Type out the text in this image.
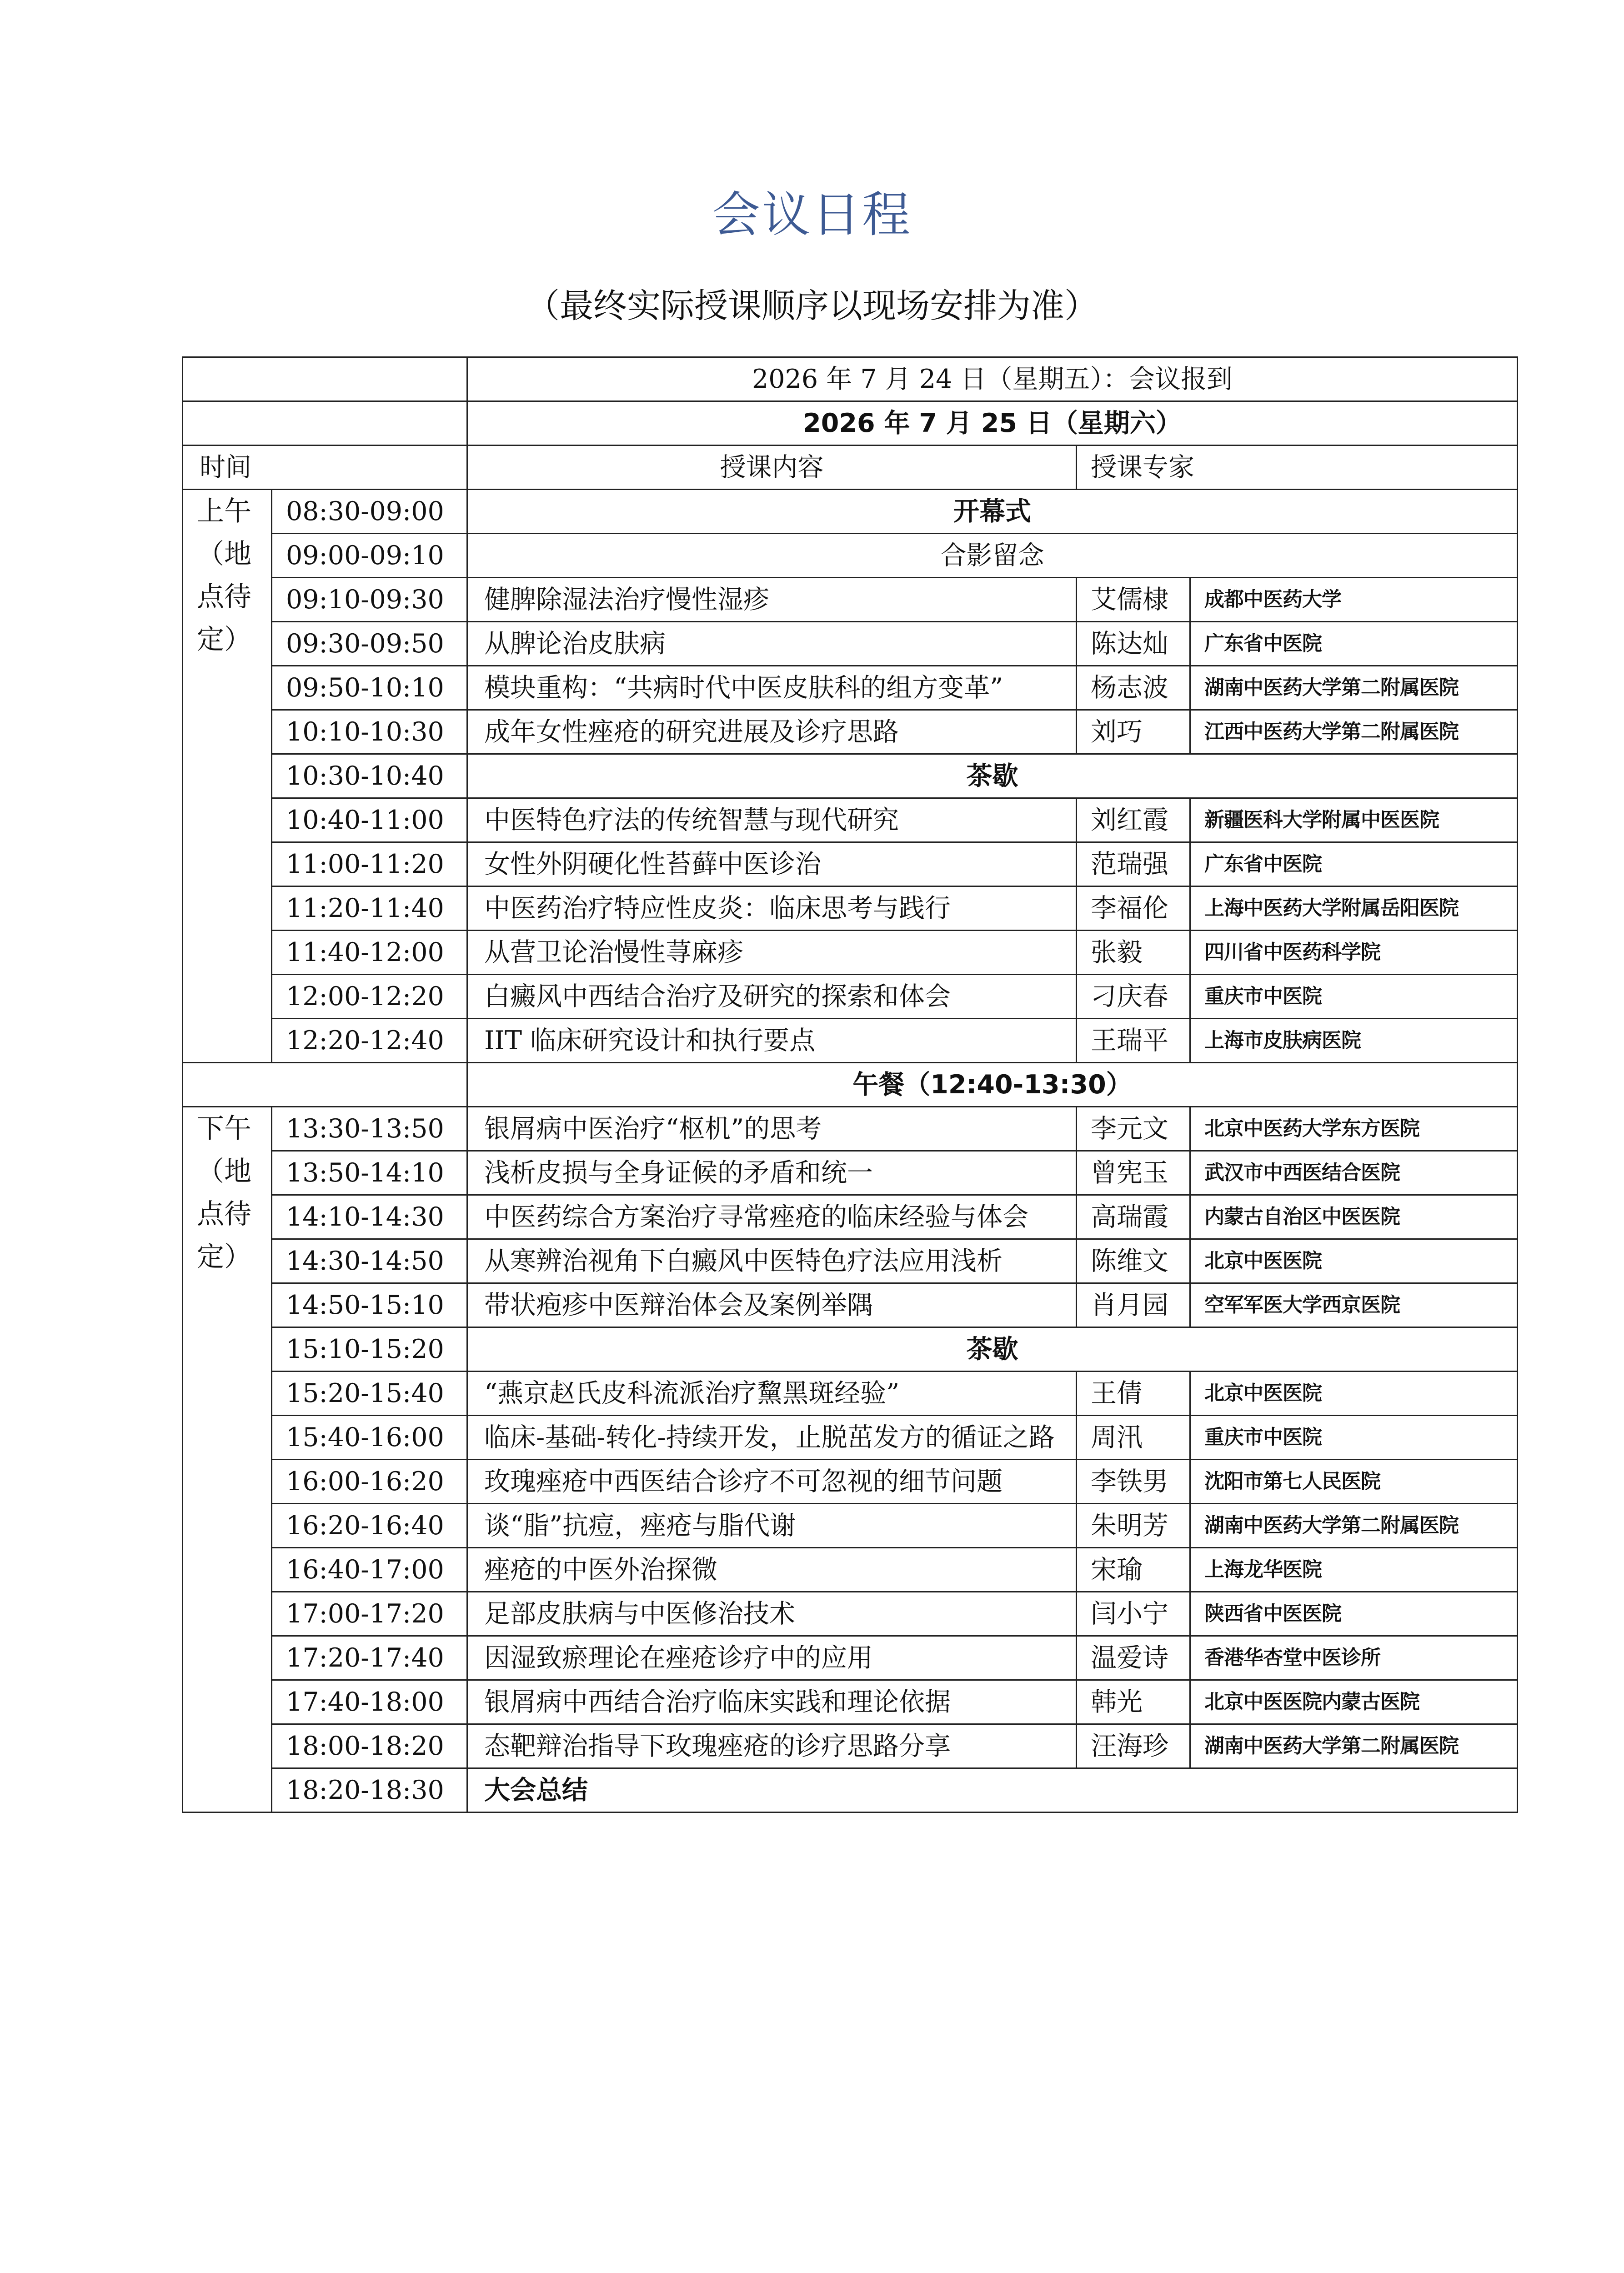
会议日程
（最终实际授课顺序以现场安排为准）
		2026 年 7 月 24 日（星期五）：会议报到		
		2026 年 7 月 25 日（星期六）		
时间		授课内容	授课专家	
上午（地点待定）	08:30-09:00	开幕式		
	09:00-09:10	合影留念		
	09:10-09:30	健脾除湿法治疗慢性湿疹	艾儒棣	成都中医药大学
	09:30-09:50	从脾论治皮肤病	陈达灿	广东省中医院
	09:50-10:10	模块重构：“共病时代中医皮肤科的组方变革”	杨志波	湖南中医药大学第二附属医院
	10:10-10:30	成年女性痤疮的研究进展及诊疗思路	刘巧	江西中医药大学第二附属医院
	10:30-10:40	茶歇		
	10:40-11:00	中医特色疗法的传统智慧与现代研究	刘红霞	新疆医科大学附属中医医院
	11:00-11:20	女性外阴硬化性苔藓中医诊治	范瑞强	广东省中医院
	11:20-11:40	中医药治疗特应性皮炎：临床思考与践行	李福伦	上海中医药大学附属岳阳医院
	11:40-12:00	从营卫论治慢性荨麻疹	张毅	四川省中医药科学院
	12:00-12:20	白癜风中西结合治疗及研究的探索和体会	刁庆春	重庆市中医院
	12:20-12:40	IIT 临床研究设计和执行要点	王瑞平	上海市皮肤病医院
		午餐（12:40-13:30）		
下午（地点待定）	13:30-13:50	银屑病中医治疗“枢机”的思考	李元文	北京中医药大学东方医院
	13:50-14:10	浅析皮损与全身证候的矛盾和统一	曾宪玉	武汉市中西医结合医院
	14:10-14:30	中医药综合方案治疗寻常痤疮的临床经验与体会	高瑞霞	内蒙古自治区中医医院
	14:30-14:50	从寒辨治视角下白癜风中医特色疗法应用浅析	陈维文	北京中医医院
	14:50-15:10	带状疱疹中医辩治体会及案例举隅	肖月园	空军军医大学西京医院
	15:10-15:20	茶歇		
	15:20-15:40	“燕京赵氏皮科流派治疗黧黑斑经验”	王倩	北京中医医院
	15:40-16:00	临床-基础-转化-持续开发，止脱茁发方的循证之路	周汛	重庆市中医院
	16:00-16:20	玫瑰痤疮中西医结合诊疗不可忽视的细节问题	李铁男	沈阳市第七人民医院
	16:20-16:40	谈“脂”抗痘，痤疮与脂代谢	朱明芳	湖南中医药大学第二附属医院
	16:40-17:00	痤疮的中医外治探微	宋瑜	上海龙华医院
	17:00-17:20	足部皮肤病与中医修治技术	闫小宁	陕西省中医医院
	17:20-17:40	因湿致瘀理论在痤疮诊疗中的应用	温爱诗	香港华杏堂中医诊所
	17:40-18:00	银屑病中西结合治疗临床实践和理论依据	韩光	北京中医医院内蒙古医院
	18:00-18:20	态靶辩治指导下玫瑰痤疮的诊疗思路分享	汪海珍	湖南中医药大学第二附属医院
	18:20-18:30	大会总结		
